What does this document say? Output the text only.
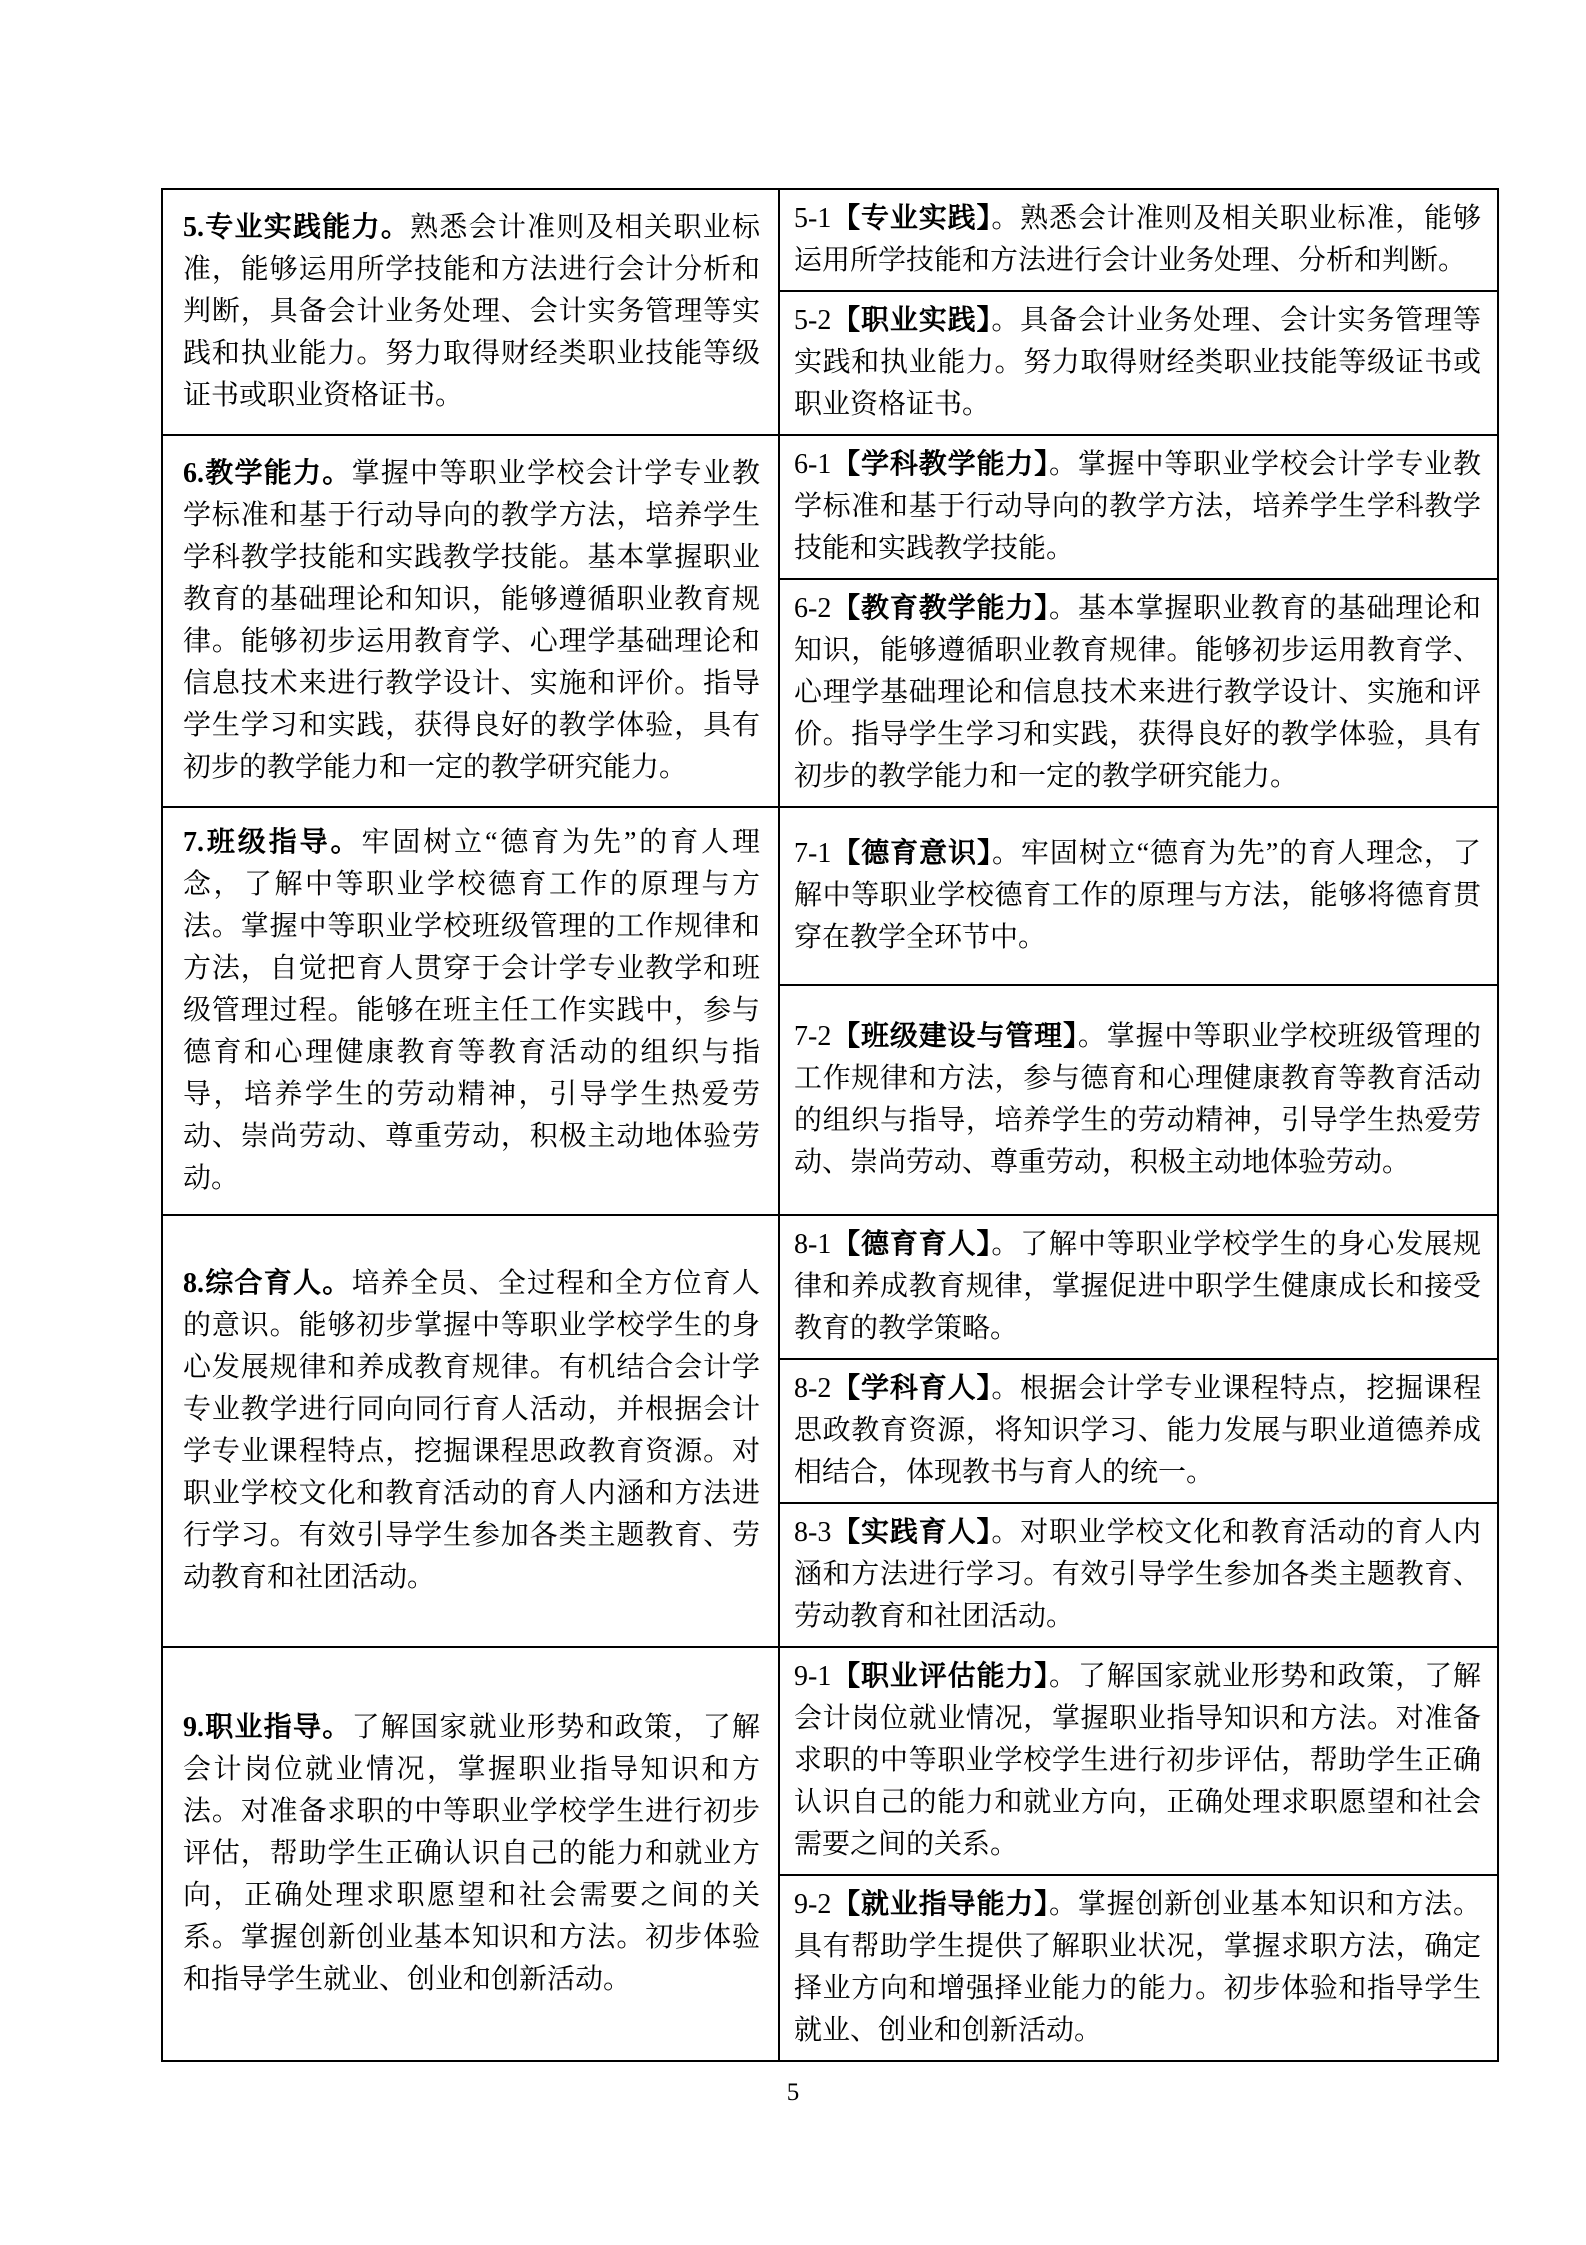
5.专业实践能力。熟悉会计准则及相关职业标准，能够运用所学技能和方法进行会计分析和判断，具备会计业务处理、会计实务管理等实践和执业能力。努力取得财经类职业技能等级证书或职业资格证书。	5-1【专业实践】。熟悉会计准则及相关职业标准，能够运用所学技能和方法进行会计业务处理、分析和判断。
	5-2【职业实践】。具备会计业务处理、会计实务管理等实践和执业能力。努力取得财经类职业技能等级证书或职业资格证书。
6.教学能力。掌握中等职业学校会计学专业教学标准和基于行动导向的教学方法，培养学生学科教学技能和实践教学技能。基本掌握职业教育的基础理论和知识，能够遵循职业教育规律。能够初步运用教育学、心理学基础理论和信息技术来进行教学设计、实施和评价。指导学生学习和实践，获得良好的教学体验，具有初步的教学能力和一定的教学研究能力。	6-1【学科教学能力】。掌握中等职业学校会计学专业教学标准和基于行动导向的教学方法，培养学生学科教学技能和实践教学技能。
	6-2【教育教学能力】。基本掌握职业教育的基础理论和知识，能够遵循职业教育规律。能够初步运用教育学、心理学基础理论和信息技术来进行教学设计、实施和评价。指导学生学习和实践，获得良好的教学体验，具有初步的教学能力和一定的教学研究能力。
7.班级指导。牢固树立“德育为先”的育人理念，了解中等职业学校德育工作的原理与方法。掌握中等职业学校班级管理的工作规律和方法，自觉把育人贯穿于会计学专业教学和班级管理过程。能够在班主任工作实践中，参与德育和心理健康教育等教育活动的组织与指导，培养学生的劳动精神，引导学生热爱劳动、崇尚劳动、尊重劳动，积极主动地体验劳动。	7-1【德育意识】。牢固树立“德育为先”的育人理念，了解中等职业学校德育工作的原理与方法，能够将德育贯穿在教学全环节中。
	7-2【班级建设与管理】。掌握中等职业学校班级管理的工作规律和方法，参与德育和心理健康教育等教育活动的组织与指导，培养学生的劳动精神，引导学生热爱劳动、崇尚劳动、尊重劳动，积极主动地体验劳动。
8.综合育人。培养全员、全过程和全方位育人的意识。能够初步掌握中等职业学校学生的身心发展规律和养成教育规律。有机结合会计学专业教学进行同向同行育人活动，并根据会计学专业课程特点，挖掘课程思政教育资源。对职业学校文化和教育活动的育人内涵和方法进行学习。有效引导学生参加各类主题教育、劳动教育和社团活动。	8-1【德育育人】。了解中等职业学校学生的身心发展规律和养成教育规律，掌握促进中职学生健康成长和接受教育的教学策略。
	8-2【学科育人】。根据会计学专业课程特点，挖掘课程思政教育资源，将知识学习、能力发展与职业道德养成相结合，体现教书与育人的统一。
	8-3【实践育人】。对职业学校文化和教育活动的育人内涵和方法进行学习。有效引导学生参加各类主题教育、劳动教育和社团活动。
9.职业指导。了解国家就业形势和政策，了解会计岗位就业情况，掌握职业指导知识和方法。对准备求职的中等职业学校学生进行初步评估，帮助学生正确认识自己的能力和就业方向，正确处理求职愿望和社会需要之间的关系。掌握创新创业基本知识和方法。初步体验和指导学生就业、创业和创新活动。	9-1【职业评估能力】。了解国家就业形势和政策，了解会计岗位就业情况，掌握职业指导知识和方法。对准备求职的中等职业学校学生进行初步评估，帮助学生正确认识自己的能力和就业方向，正确处理求职愿望和社会需要之间的关系。
	9-2【就业指导能力】。掌握创新创业基本知识和方法。具有帮助学生提供了解职业状况，掌握求职方法，确定择业方向和增强择业能力的能力。初步体验和指导学生就业、创业和创新活动。
5
